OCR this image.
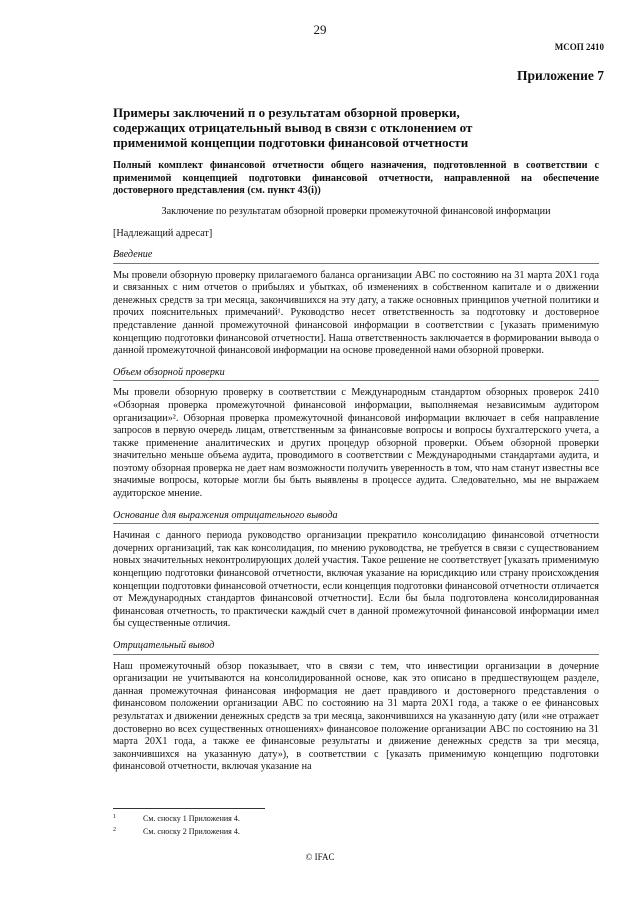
29
МСОП 2410
Приложение 7
Примеры заключений п о результатам обзорной проверки, содержащих отрицательный вывод в связи с отклонением от применимой концепции подготовки финансовой отчетности

Полный комплект финансовой отчетности общего назначения, подготовленной в соответствии с применимой концепцией подготовки финансовой отчетности, направленной на обеспечение достоверного представления (см. пункт 43(i))

Заключение по результатам обзорной проверки промежуточной финансовой информации

[Надлежащий адресат]

Введение

Мы провели обзорную проверку прилагаемого баланса организации ABC по состоянию на 31 марта 20X1 года и связанных с ним отчетов о прибылях и убытках, об изменениях в собственном капитале и о движении денежных средств за три месяца, закончившихся на эту дату, а также основных принципов учетной политики и прочих пояснительных примечаний¹. Руководство несет ответственность за подготовку и достоверное представление данной промежуточной финансовой информации в соответствии с [указать применимую концепцию подготовки финансовой отчетности]. Наша ответственность заключается в формировании вывода о данной промежуточной финансовой информации на основе проведенной нами обзорной проверки.

Объем обзорной проверки

Мы провели обзорную проверку в соответствии с Международным стандартом обзорных проверок 2410 «Обзорная проверка промежуточной финансовой информации, выполняемая независимым аудитором организации»². Обзорная проверка промежуточной финансовой информации включает в себя направление запросов в первую очередь лицам, ответственным за финансовые вопросы и вопросы бухгалтерского учета, а также применение аналитических и других процедур обзорной проверки. Объем обзорной проверки значительно меньше объема аудита, проводимого в соответствии с Международными стандартами аудита, и поэтому обзорная проверка не дает нам возможности получить уверенность в том, что нам станут известны все значимые вопросы, которые могли бы быть выявлены в процессе аудита. Следовательно, мы не выражаем аудиторское мнение.

Основание для выражения отрицательного вывода

Начиная с данного периода руководство организации прекратило консолидацию финансовой отчетности дочерних организаций, так как консолидация, по мнению руководства, не требуется в связи с существованием новых значительных неконтролирующих долей участия. Такое решение не соответствует [указать применимую концепцию подготовки финансовой отчетности, включая указание на юрисдикцию или страну происхождения концепции подготовки финансовой отчетности, если концепция подготовки финансовой отчетности отличается от Международных стандартов финансовой отчетности]. Если бы была подготовлена консолидированная финансовая отчетность, то практически каждый счет в данной промежуточной финансовой информации имел бы существенные отличия.

Отрицательный вывод

Наш промежуточный обзор показывает, что в связи с тем, что инвестиции организации в дочерние организации не учитываются на консолидированной основе, как это описано в предшествующем разделе, данная промежуточная финансовая информация не дает правдивого и достоверного представления о финансовом положении организации ABC по состоянию на 31 марта 20X1 года, а также о ее финансовых результатах и движении денежных средств за три месяца, закончившихся на указанную дату (или «не отражает достоверно во всех существенных отношениях» финансовое положение организации ABC по состоянию на 31 марта 20X1 года, а также ее финансовые результаты и движение денежных средств за три месяца, закончившихся на указанную дату»), в соответствии с [указать применимую концепцию подготовки финансовой отчетности, включая указание на

$^1$	См. сноску 1 Приложения 4.
$^2$	См. сноску 2 Приложения 4.
© IFAC
